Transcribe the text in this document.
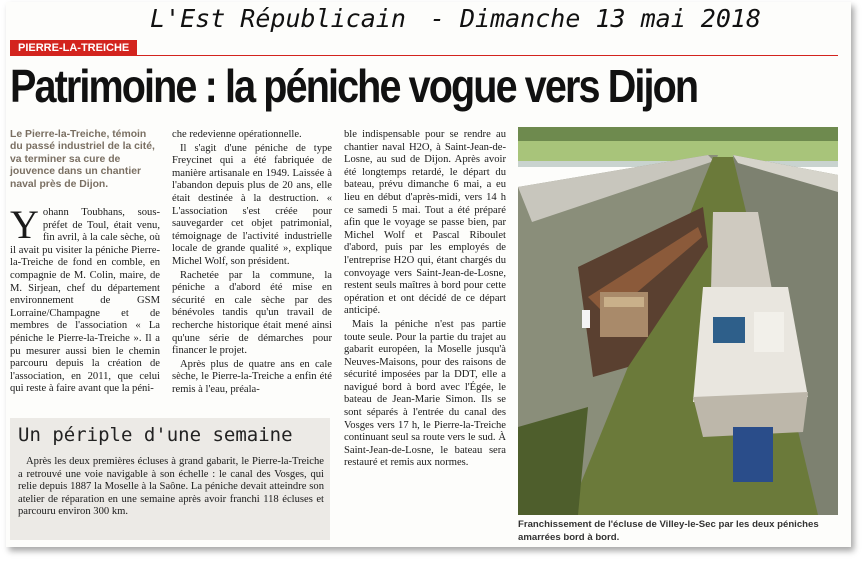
L'Est Républicain - Dimanche 13 mai 2018
PIERRE-LA-TREICHE
Patrimoine : la péniche vogue vers Dijon
Le Pierre-la-Treiche, témoin du passé industriel de la cité, va terminer sa cure de jouvence dans un chantier naval près de Dijon.

Yohann Toubhans, sous-préfet de Toul, était venu, fin avril, à la cale sèche, où il avait pu visiter la péniche Pierre-la-Treiche de fond en comble, en compagnie de M. Colin, maire, de M. Sirjean, chef du département environnement de GSM Lorraine/Champagne et de membres de l'association « La péniche le Pierre-la-Treiche ». Il a pu mesurer aussi bien le chemin parcouru depuis la création de l'association, en 2011, que celui qui reste à faire avant que la péni-

che redevienne opérationnelle.

Il s'agit d'une péniche de type Freycinet qui a été fabriquée de manière artisanale en 1949. Laissée à l'abandon depuis plus de 20 ans, elle était destinée à la destruction. « L'association s'est créée pour sauvegarder cet objet patrimonial, témoignage de l'activité industrielle locale de grande qualité », explique Michel Wolf, son président.

Rachetée par la commune, la péniche a d'abord été mise en sécurité en cale sèche par des bénévoles tandis qu'un travail de recherche historique était mené ainsi qu'une série de démarches pour financer le projet.

Après plus de quatre ans en cale sèche, le Pierre-la-Treiche a enfin été remis à l'eau, préala-

ble indispensable pour se rendre au chantier naval H2O, à Saint-Jean-de-Losne, au sud de Dijon. Après avoir été longtemps retardé, le départ du bateau, prévu dimanche 6 mai, a eu lieu en début d'après-midi, vers 14 h ce samedi 5 mai. Tout a été préparé afin que le voyage se passe bien, par Michel Wolf et Pascal Riboulet d'abord, puis par les employés de l'entreprise H2O qui, étant chargés du convoyage vers Saint-Jean-de-Losne, restent seuls maîtres à bord pour cette opération et ont décidé de ce départ anticipé.

Mais la péniche n'est pas partie toute seule. Pour la partie du trajet au gabarit européen, la Moselle jusqu'à Neuves-Maisons, pour des raisons de sécurité imposées par la DDT, elle a navigué bord à bord avec l'Égée, le bateau de Jean-Marie Simon. Ils se sont séparés à l'entrée du canal des Vosges vers 17 h, le Pierre-la-Treiche continuant seul sa route vers le sud. À Saint-Jean-de-Losne, le bateau sera restauré et remis aux normes.

Un périple d'une semaine

Après les deux premières écluses à grand gabarit, le Pierre-la-Treiche a retrouvé une voie navigable à son échelle : le canal des Vosges, qui relie depuis 1887 la Moselle à la Saône. La péniche devait atteindre son atelier de réparation en une semaine après avoir franchi 118 écluses et parcouru environ 300 km.

Franchissement de l'écluse de Villey-le-Sec par les deux péniches amarrées bord à bord.
